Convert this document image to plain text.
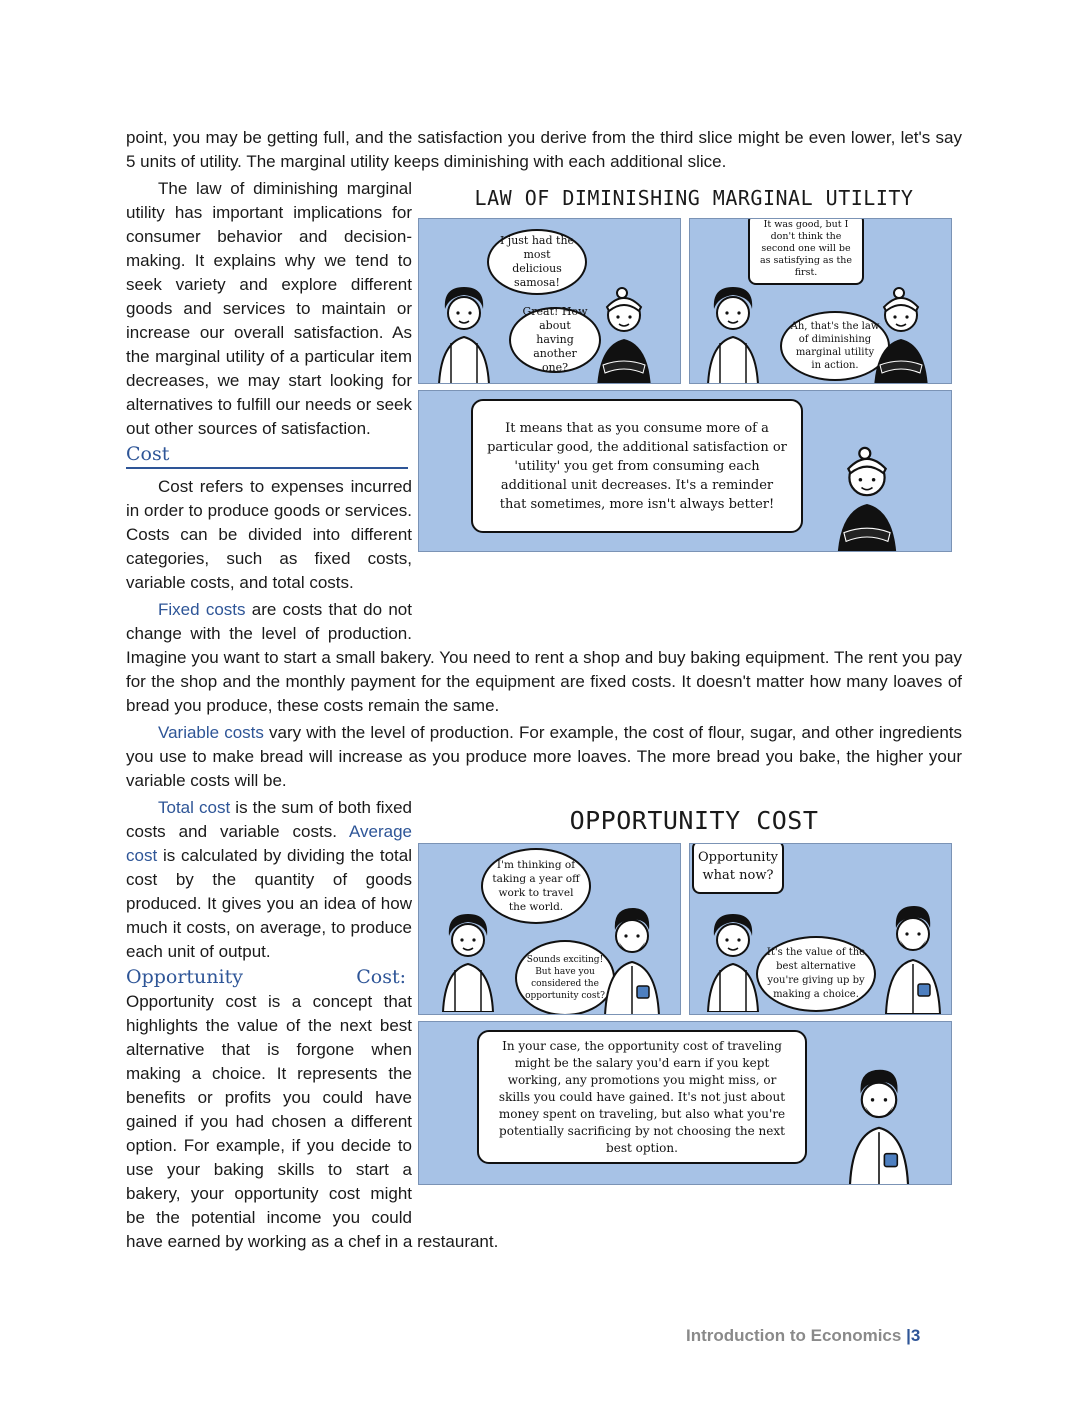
point, you may be getting full, and the satisfaction you derive from the third slice might be even lower, let's say 5 units of utility. The marginal utility keeps diminishing with each additional slice.

LAW OF DIMINISHING MARGINAL UTILITY
I just had the most delicious samosa!
Great! How about having another one?
It was good, but I don't think the second one will be as satisfying as the first.
Ah, that's the law of diminishing marginal utility in action.
It means that as you consume more of a particular good, the additional satisfaction or 'utility' you get from consuming each additional unit decreases. It's a reminder that sometimes, more isn't always better!

The law of diminishing marginal utility has important implications for consumer behavior and decision-making. It explains why we tend to seek variety and explore different goods and services to maintain or increase our overall satisfaction. As the marginal utility of a particular item decreases, we may start looking for alternatives to fulfill our needs or seek out other sources of satisfaction.

Cost

Cost refers to expenses incurred in order to produce goods or services. Costs can be divided into different categories, such as fixed costs, variable costs, and total costs.

Fixed costs are costs that do not change with the level of production. Imagine you want to start a small bakery. You need to rent a shop and buy baking equipment. The rent you pay for the shop and the monthly payment for the equipment are fixed costs. It doesn't matter how many loaves of bread you produce, these costs remain the same.

Variable costs vary with the level of production. For example, the cost of flour, sugar, and other ingredients you use to make bread will increase as you produce more loaves. The more bread you bake, the higher your variable costs will be.

OPPORTUNITY COST
I'm thinking of taking a year off work to travel the world.
Sounds exciting! But have you considered the opportunity cost?
Opportunity what now?
It's the value of the best alternative you're giving up by making a choice.
In your case, the opportunity cost of traveling might be the salary you'd earn if you kept working, any promotions you might miss, or skills you could have gained. It's not just about money spent on traveling, but also what you're potentially sacrificing by not choosing the next best option.

Total cost is the sum of both fixed costs and variable costs. Average cost is calculated by dividing the total cost by the quantity of goods produced. It gives you an idea of how much it costs, on average, to produce each unit of output.

Opportunity	Cost:

Opportunity cost is a concept that highlights the value of the next best alternative that is forgone when making a choice. It represents the benefits or profits you could have gained if you had chosen a different option. For example, if you decide to use your baking skills to start a bakery, your opportunity cost might be the potential income you could have earned by working as a chef in a restaurant.

Introduction to Economics |3
